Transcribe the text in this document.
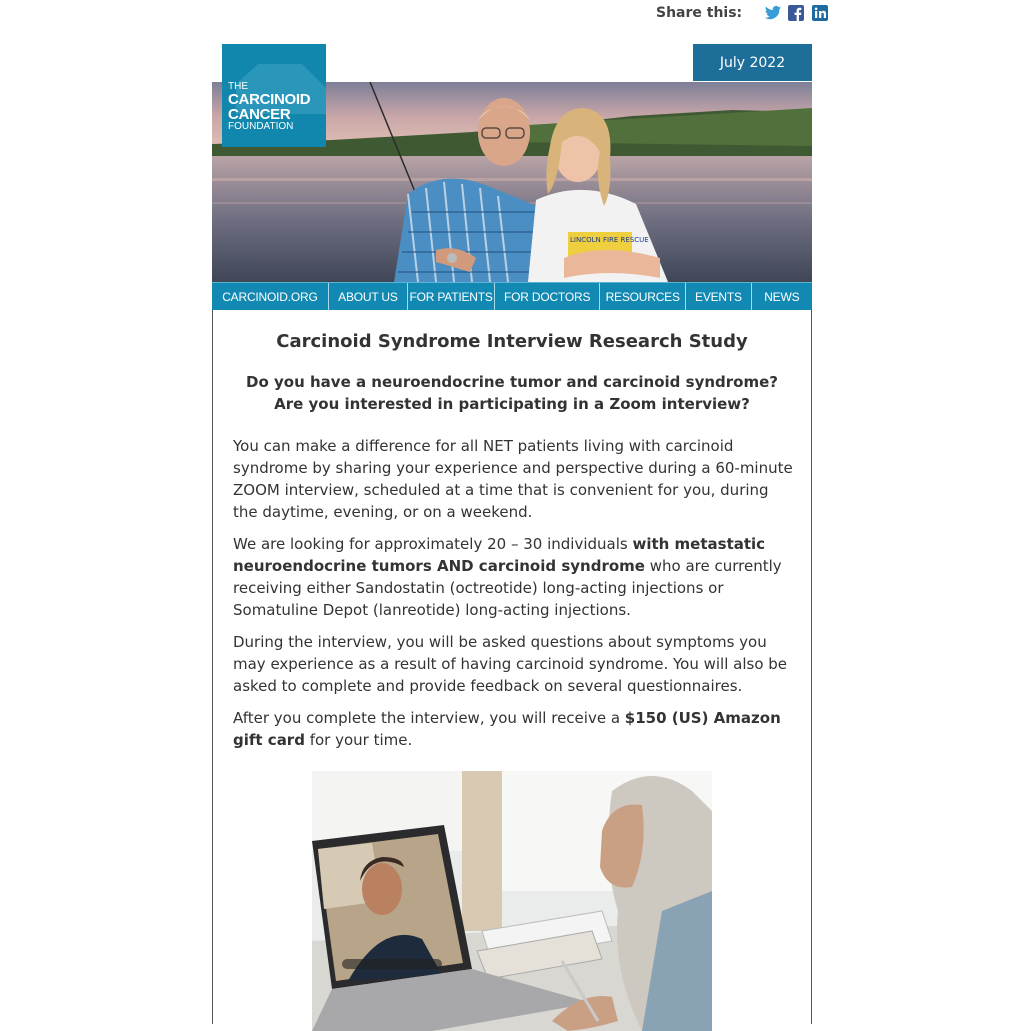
Share this:
July 2022
LINCOLN FIRE RESCUE
THE
CARCINOID
CANCER
FOUNDATION
CARCINOID.ORG	ABOUT US FOR PATIENTS FOR DOCTORS	RESOURCES	EVENTS	NEWS
Carcinoid Syndrome Interview Research Study
Do you have a neuroendocrine tumor and carcinoid syndrome?
Are you interested in participating in a Zoom interview?

You can make a difference for all NET patients living with carcinoid syndrome by sharing your experience and perspective during a 60-minute ZOOM interview, scheduled at a time that is convenient for you, during the daytime, evening, or on a weekend.

We are looking for approximately 20 – 30 individuals with metastatic neuroendocrine tumors AND carcinoid syndrome who are currently receiving either Sandostatin (octreotide) long-acting injections or Somatuline Depot (lanreotide) long-acting injections.

During the interview, you will be asked questions about symptoms you may experience as a result of having carcinoid syndrome. You will also be asked to complete and provide feedback on several questionnaires.

After you complete the interview, you will receive a $150 (US) Amazon gift card for your time.
